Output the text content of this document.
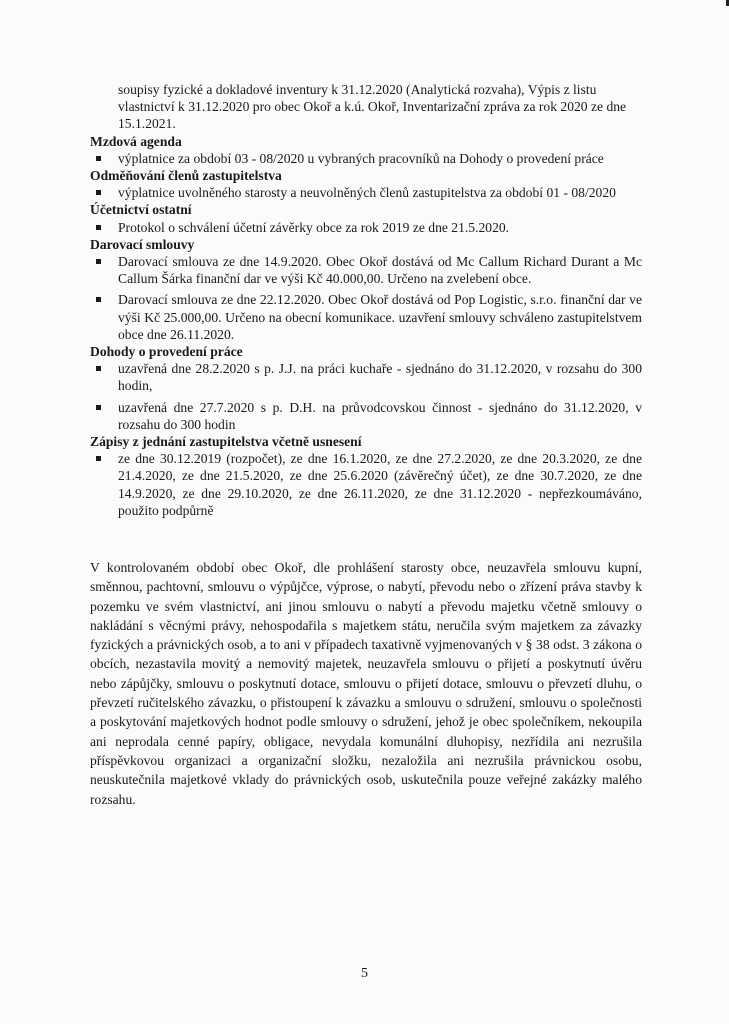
soupisy fyzické a dokladové inventury k 31.12.2020 (Analytická rozvaha), Výpis z listu vlastnictví k 31.12.2020 pro obec Okoř a k.ú. Okoř, Inventarizační zpráva za rok 2020 ze dne 15.1.2021.

Mzdová agenda

výplatnice za období 03 - 08/2020 u vybraných pracovníků na Dohody o provedení práce

Odměňování členů zastupitelstva

výplatnice uvolněného starosty a neuvolněných členů zastupitelstva za období 01 - 08/2020

Účetnictví ostatní

Protokol o schválení účetní závěrky obce za rok 2019 ze dne 21.5.2020.

Darovací smlouvy

Darovací smlouva ze dne 14.9.2020. Obec Okoř dostává od Mc Callum Richard Durant a Mc Callum Šárka finanční dar ve výši Kč 40.000,00. Určeno na zvelebení obce.
Darovací smlouva ze dne 22.12.2020. Obec Okoř dostává od Pop Logistic, s.r.o. finanční dar ve výši Kč 25.000,00. Určeno na obecní komunikace. uzavření smlouvy schváleno zastupitelstvem obce dne 26.11.2020.

Dohody o provedení práce

uzavřená dne 28.2.2020 s p. J.J. na práci kuchaře - sjednáno do 31.12.2020, v rozsahu do 300 hodin,
uzavřená dne 27.7.2020 s p. D.H. na průvodcovskou činnost - sjednáno do 31.12.2020, v rozsahu do 300 hodin

Zápisy z jednání zastupitelstva včetně usnesení

ze dne 30.12.2019 (rozpočet), ze dne 16.1.2020, ze dne 27.2.2020, ze dne 20.3.2020, ze dne 21.4.2020, ze dne 21.5.2020, ze dne 25.6.2020 (závěrečný účet), ze dne 30.7.2020, ze dne 14.9.2020, ze dne 29.10.2020, ze dne 26.11.2020, ze dne 31.12.2020 - nepřezkoumáváno, použito podpůrně

V kontrolovaném období obec Okoř, dle prohlášení starosty obce, neuzavřela smlouvu kupní, směnnou, pachtovní, smlouvu o výpůjčce, výprose, o nabytí, převodu nebo o zřízení práva stavby k pozemku ve svém vlastnictví, ani jinou smlouvu o nabytí a převodu majetku včetně smlouvy o nakládání s věcnými právy, nehospodařila s majetkem státu, neručila svým majetkem za závazky fyzických a právnických osob, a to ani v případech taxativně vyjmenovaných v § 38 odst. 3 zákona o obcích, nezastavila movitý a nemovitý majetek, neuzavřela smlouvu o přijetí a poskytnutí úvěru nebo zápůjčky, smlouvu o poskytnutí dotace, smlouvu o přijetí dotace, smlouvu o převzetí dluhu, o převzetí ručitelského závazku, o přistoupení k závazku a smlouvu o sdružení, smlouvu o společnosti a poskytování majetkových hodnot podle smlouvy o sdružení, jehož je obec společníkem, nekoupila ani neprodala cenné papíry, obligace, nevydala komunální dluhopisy, nezřídila ani nezrušila příspěvkovou organizaci a organizační složku, nezaložila ani nezrušila právnickou osobu, neuskutečnila majetkové vklady do právnických osob, uskutečnila pouze veřejné zakázky malého rozsahu.

5
